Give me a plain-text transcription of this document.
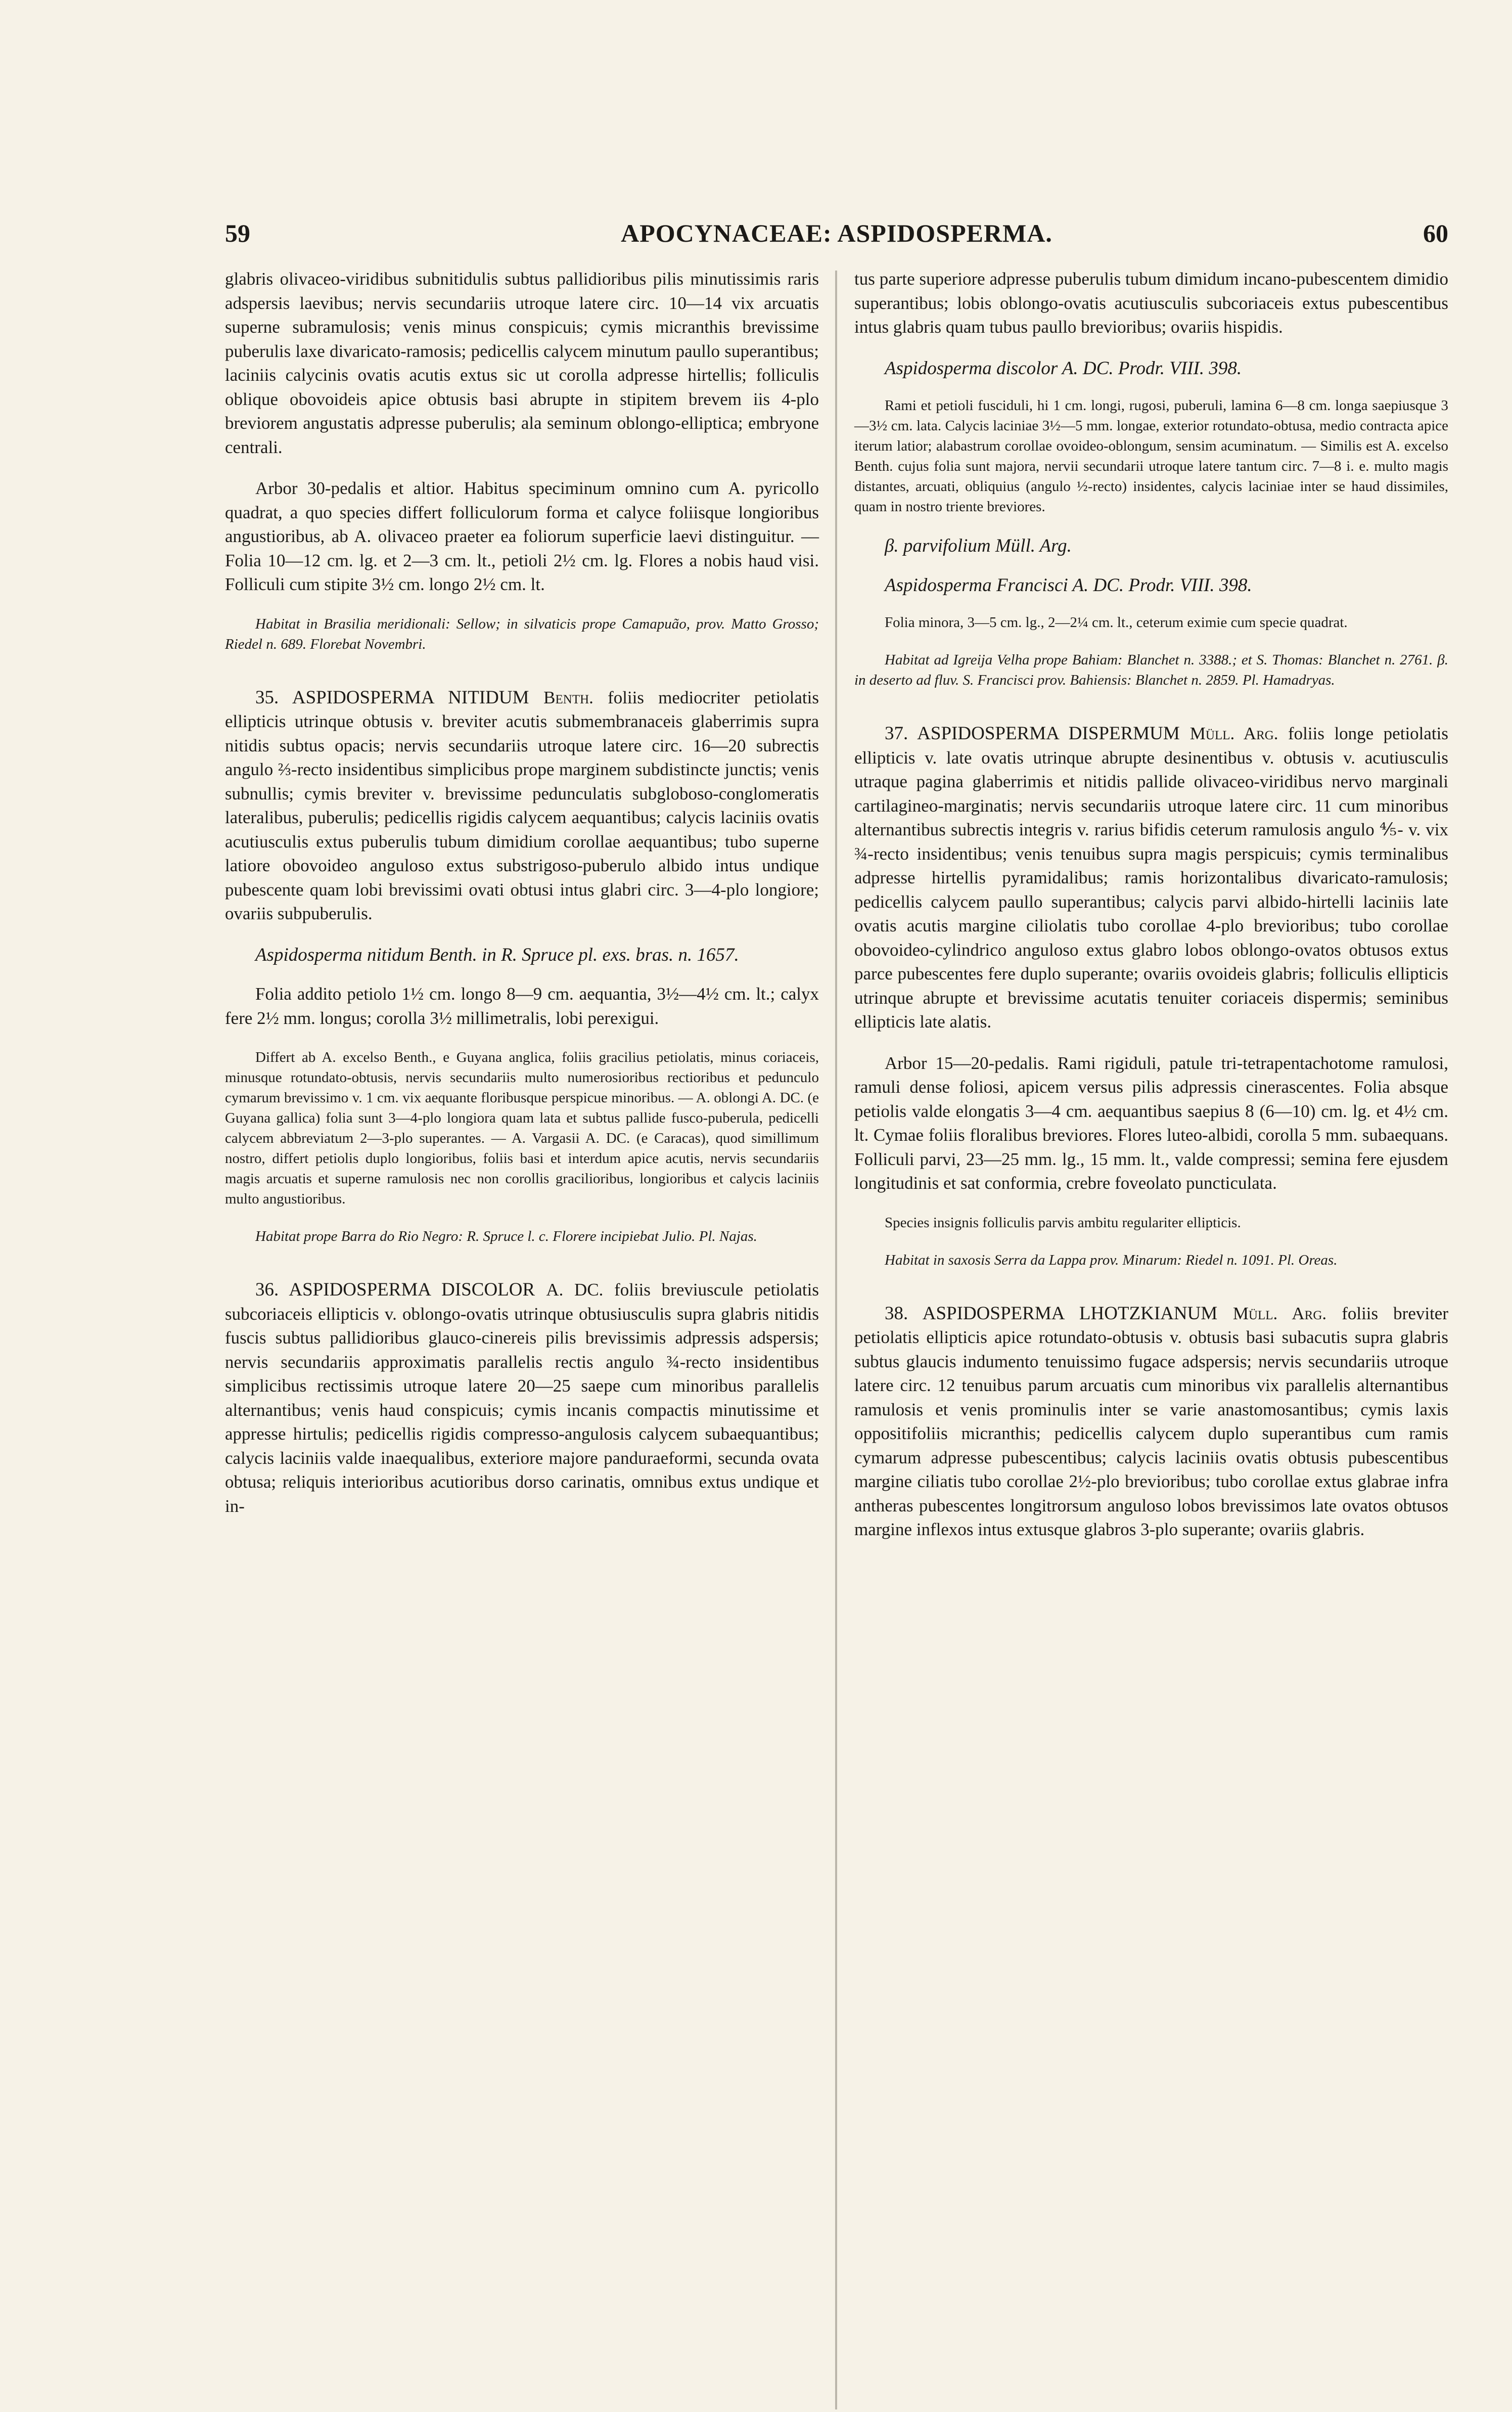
59	APOCYNACEAE: ASPIDOSPERMA.	60

glabris olivaceo-viridibus subnitidulis subtus pallidioribus pilis minutissimis raris adspersis laevibus; nervis secundariis utroque latere circ. 10—14 vix arcuatis superne subramulosis; venis minus conspicuis; cymis micranthis brevissime puberulis laxe divaricato-ramosis; pedicellis calycem minutum paullo superantibus; laciniis calycinis ovatis acutis extus sic ut corolla adpresse hirtellis; folliculis oblique obovoideis apice obtusis basi abrupte in stipitem brevem iis 4-plo breviorem angustatis adpresse puberulis; ala seminum oblongo-elliptica; embryone centrali.

Arbor 30-pedalis et altior. Habitus speciminum omnino cum A. pyricollo quadrat, a quo species differt folliculorum forma et calyce foliisque longioribus angustioribus, ab A. olivaceo praeter ea foliorum superficie laevi distinguitur. — Folia 10—12 cm. lg. et 2—3 cm. lt., petioli 2½ cm. lg. Flores a nobis haud visi. Folliculi cum stipite 3½ cm. longo 2½ cm. lt.

Habitat in Brasilia meridionali: Sellow; in silvaticis prope Camapuão, prov. Matto Grosso; Riedel n. 689. Florebat Novembri.

35. ASPIDOSPERMA NITIDUM Benth. foliis mediocriter petiolatis ellipticis utrinque obtusis v. breviter acutis submembranaceis glaberrimis supra nitidis subtus opacis; nervis secundariis utroque latere circ. 16—20 subrectis angulo ⅔-recto insidentibus simplicibus prope marginem subdistincte junctis; venis subnullis; cymis breviter v. brevissime pedunculatis subgloboso-conglomeratis lateralibus, puberulis; pedicellis rigidis calycem aequantibus; calycis laciniis ovatis acutiusculis extus puberulis tubum dimidium corollae aequantibus; tubo superne latiore obovoideo anguloso extus substrigoso-puberulo albido intus undique pubescente quam lobi brevissimi ovati obtusi intus glabri circ. 3—4-plo longiore; ovariis subpuberulis.

Aspidosperma nitidum Benth. in R. Spruce pl. exs. bras. n. 1657.

Folia addito petiolo 1½ cm. longo 8—9 cm. aequantia, 3½—4½ cm. lt.; calyx fere 2½ mm. longus; corolla 3½ millimetralis, lobi perexigui.

Differt ab A. excelso Benth., e Guyana anglica, foliis gracilius petiolatis, minus coriaceis, minusque rotundato-obtusis, nervis secundariis multo numerosioribus rectioribus et pedunculo cymarum brevissimo v. 1 cm. vix aequante floribusque perspicue minoribus. — A. oblongi A. DC. (e Guyana gallica) folia sunt 3—4-plo longiora quam lata et subtus pallide fusco-puberula, pedicelli calycem abbreviatum 2—3-plo superantes. — A. Vargasii A. DC. (e Caracas), quod simillimum nostro, differt petiolis duplo longioribus, foliis basi et interdum apice acutis, nervis secundariis magis arcuatis et superne ramulosis nec non corollis gracilioribus, longioribus et calycis laciniis multo angustioribus.

Habitat prope Barra do Rio Negro: R. Spruce l. c. Florere incipiebat Julio. Pl. Najas.

36. ASPIDOSPERMA DISCOLOR A. DC. foliis breviuscule petiolatis subcoriaceis ellipticis v. oblongo-ovatis utrinque obtusiusculis supra glabris nitidis fuscis subtus pallidioribus glauco-cinereis pilis brevissimis adpressis adspersis; nervis secundariis approximatis parallelis rectis angulo ¾-recto insidentibus simplicibus rectissimis utroque latere 20—25 saepe cum minoribus parallelis alternantibus; venis haud conspicuis; cymis incanis compactis minutissime et appresse hirtulis; pedicellis rigidis compresso-angulosis calycem subaequantibus; calycis laciniis valde inaequalibus, exteriore majore panduraeformi, secunda ovata obtusa; reliquis interioribus acutioribus dorso carinatis, omnibus extus undique et in-

tus parte superiore adpresse puberulis tubum dimidum incano-pubescentem dimidio superantibus; lobis oblongo-ovatis acutiusculis subcoriaceis extus pubescentibus intus glabris quam tubus paullo brevioribus; ovariis hispidis.

Aspidosperma discolor A. DC. Prodr. VIII. 398.

Rami et petioli fusciduli, hi 1 cm. longi, rugosi, puberuli, lamina 6—8 cm. longa saepiusque 3—3½ cm. lata. Calycis laciniae 3½—5 mm. longae, exterior rotundato-obtusa, medio contracta apice iterum latior; alabastrum corollae ovoideo-oblongum, sensim acuminatum. — Similis est A. excelso Benth. cujus folia sunt majora, nervii secundarii utroque latere tantum circ. 7—8 i. e. multo magis distantes, arcuati, obliquius (angulo ½-recto) insidentes, calycis laciniae inter se haud dissimiles, quam in nostro triente breviores.

β. parvifolium Müll. Arg.

Aspidosperma Francisci A. DC. Prodr. VIII. 398.

Folia minora, 3—5 cm. lg., 2—2¼ cm. lt., ceterum eximie cum specie quadrat.

Habitat ad Igreija Velha prope Bahiam: Blanchet n. 3388.; et S. Thomas: Blanchet n. 2761. β. in deserto ad fluv. S. Francisci prov. Bahiensis: Blanchet n. 2859. Pl. Hamadryas.

37. ASPIDOSPERMA DISPERMUM Müll. Arg. foliis longe petiolatis ellipticis v. late ovatis utrinque abrupte desinentibus v. obtusis v. acutiusculis utraque pagina glaberrimis et nitidis pallide olivaceo-viridibus nervo marginali cartilagineo-marginatis; nervis secundariis utroque latere circ. 11 cum minoribus alternantibus subrectis integris v. rarius bifidis ceterum ramulosis angulo ⅘- v. vix ¾-recto insidentibus; venis tenuibus supra magis perspicuis; cymis terminalibus adpresse hirtellis pyramidalibus; ramis horizontalibus divaricato-ramulosis; pedicellis calycem paullo superantibus; calycis parvi albido-hirtelli laciniis late ovatis acutis margine ciliolatis tubo corollae 4-plo brevioribus; tubo corollae obovoideo-cylindrico anguloso extus glabro lobos oblongo-ovatos obtusos extus parce pubescentes fere duplo superante; ovariis ovoideis glabris; folliculis ellipticis utrinque abrupte et brevissime acutatis tenuiter coriaceis dispermis; seminibus ellipticis late alatis.

Arbor 15—20-pedalis. Rami rigiduli, patule tri-tetrapentachotome ramulosi, ramuli dense foliosi, apicem versus pilis adpressis cinerascentes. Folia absque petiolis valde elongatis 3—4 cm. aequantibus saepius 8 (6—10) cm. lg. et 4½ cm. lt. Cymae foliis floralibus breviores. Flores luteo-albidi, corolla 5 mm. subaequans. Folliculi parvi, 23—25 mm. lg., 15 mm. lt., valde compressi; semina fere ejusdem longitudinis et sat conformia, crebre foveolato puncticulata.

Species insignis folliculis parvis ambitu regulariter ellipticis.

Habitat in saxosis Serra da Lappa prov. Minarum: Riedel n. 1091. Pl. Oreas.

38. ASPIDOSPERMA LHOTZKIANUM Müll. Arg. foliis breviter petiolatis ellipticis apice rotundato-obtusis v. obtusis basi subacutis supra glabris subtus glaucis indumento tenuissimo fugace adspersis; nervis secundariis utroque latere circ. 12 tenuibus parum arcuatis cum minoribus vix parallelis alternantibus ramulosis et venis prominulis inter se varie anastomosantibus; cymis laxis oppositifoliis micranthis; pedicellis calycem duplo superantibus cum ramis cymarum adpresse pubescentibus; calycis laciniis ovatis obtusis pubescentibus margine ciliatis tubo corollae 2½-plo brevioribus; tubo corollae extus glabrae infra antheras pubescentes longitrorsum anguloso lobos brevissimos late ovatos obtusos margine inflexos intus extusque glabros 3-plo superante; ovariis glabris.
